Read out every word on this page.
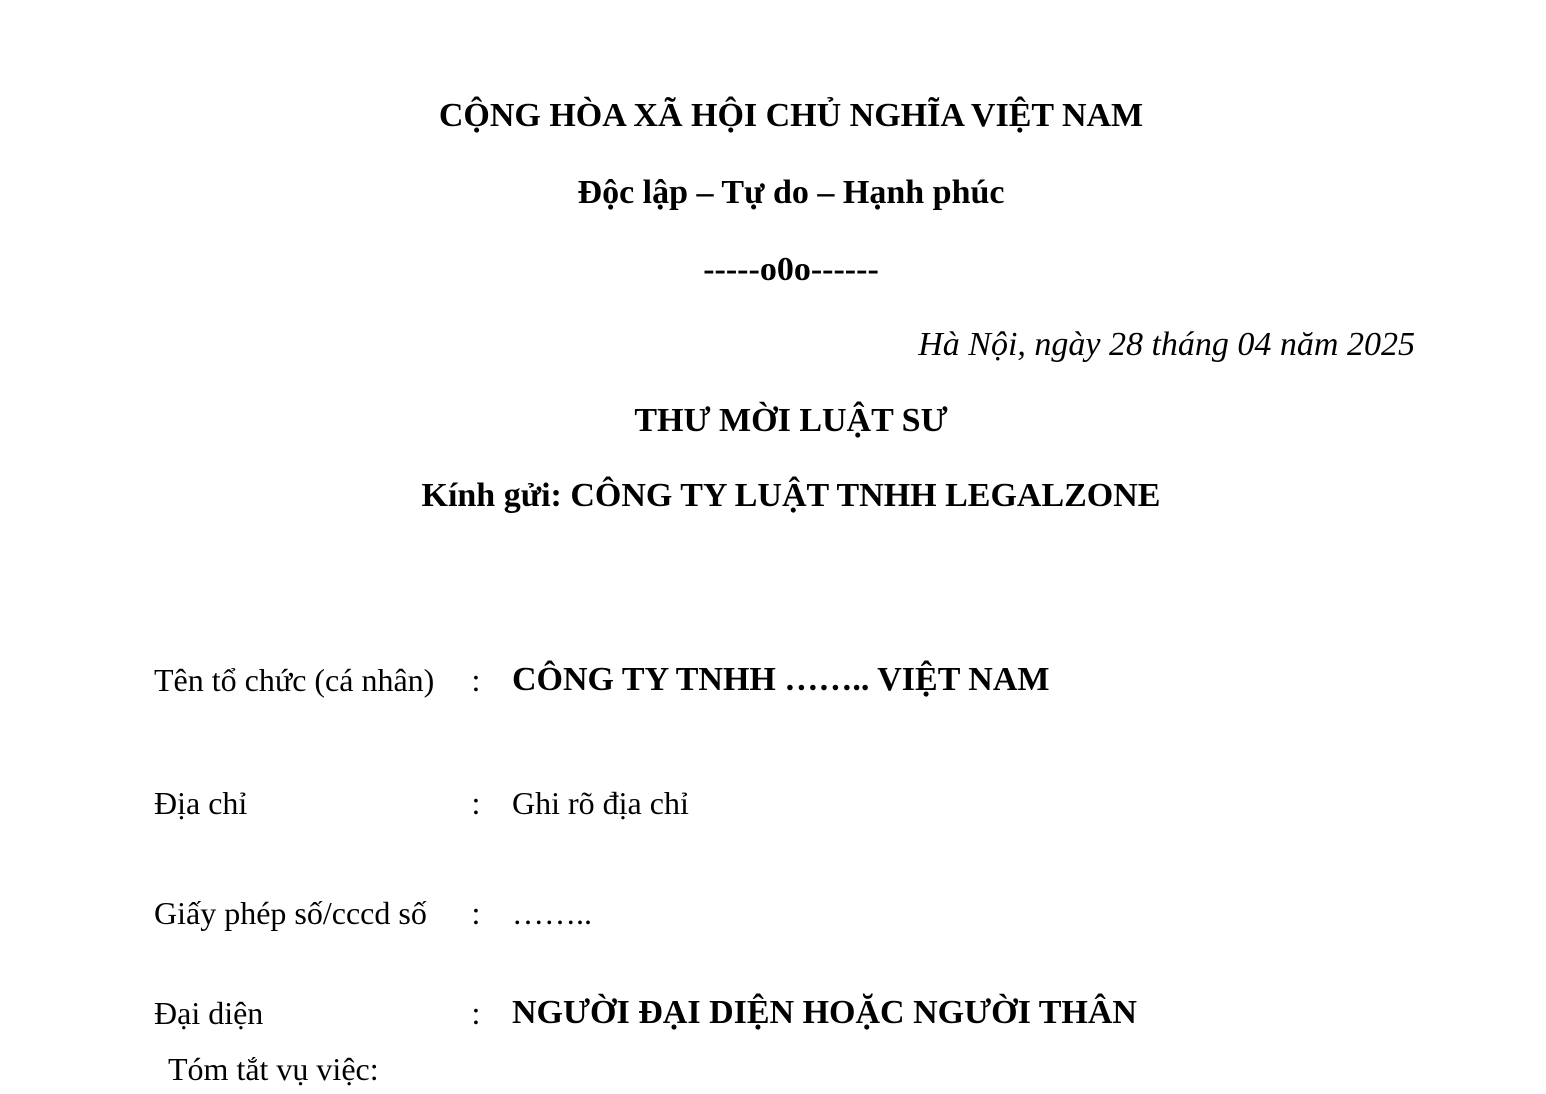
CỘNG HÒA XÃ HỘI CHỦ NGHĨA VIỆT NAM
Độc lập – Tự do – Hạnh phúc
-----o0o------
Hà Nội, ngày 28 tháng 04 năm 2025
THƯ MỜI LUẬT SƯ
Kính gửi: CÔNG TY LUẬT TNHH LEGALZONE
Tên tổ chức (cá nhân)	: CÔNG TY TNHH …….. VIỆT NAM
Địa chỉ	: Ghi rõ địa chỉ
Giấy phép số/cccd số	: ……..
Đại diện	: NGƯỜI ĐẠI DIỆN HOẶC NGƯỜI THÂN
Tóm tắt vụ việc:
